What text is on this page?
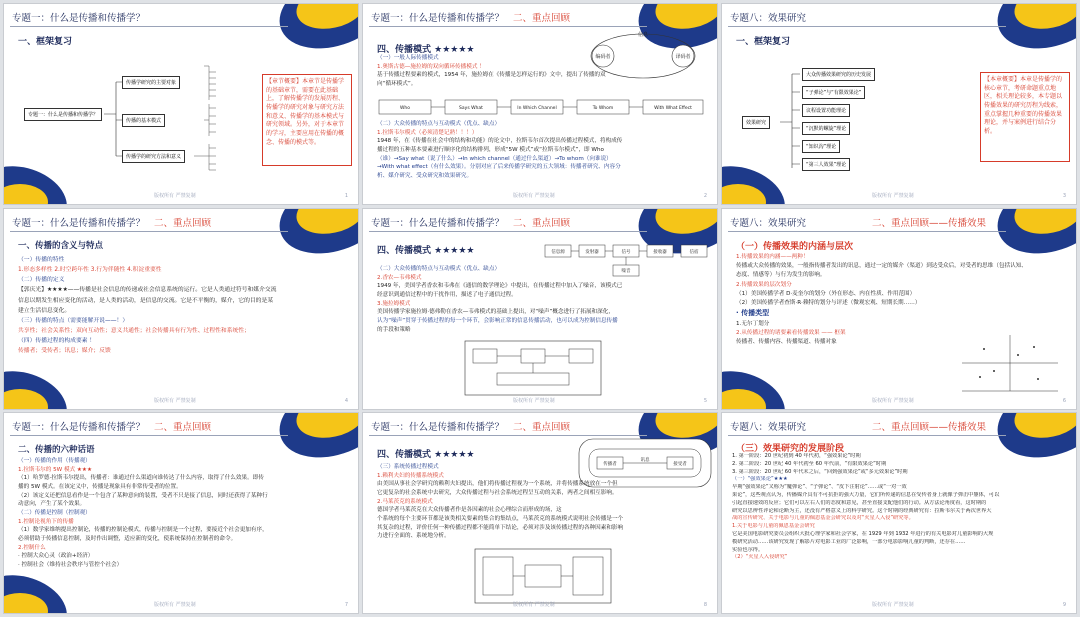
专题一：什么是传播和传播学？
一、框架复习
专题一：什么是传播和传播学？
传播学研究的主要对象
传播的基本模式
传播学的研究方法和意义
【章节概要】本章节是传播学的基础章节，需要在此基础上，了解传播学的发展历程、传播学的研究对象与研究方法和意义、传播学的基本模式与研究领域。另外，对于本章节的学习，主要应用在传播的概念、传播的模式等。
版权所有 严禁复制	1
专题一：什么是传播和传播学？ 二、重点回顾
四、传播模式 ★★★★★
编码者	译码者
信息
（一）一般人际传播模式
1.奥斯古德—施拉姆的双向循环传播模式 ！
基于传播过程要素的模式，1954 年，施拉姆在《传播是怎样运行的》文中，提出了传播的双
向“循环模式”。
Who	Says What	In Which Channel	To Whom	With What Effect
（二）大众传播的特点与互动模式（优点、缺点）
1.拉斯韦尔模式（必须清楚记熟！！！）
1948 年，在《传播在社会中的结构和功能》的论文中，拉斯韦尔首次提出传播过程模式，将构成传
播过程的五种基本要素进行顺序化的结构排列，形成“5W 模式”或“拉斯韦尔模式”，即 Who
（谁）→Say what（说了什么）→In which channel（通过什么渠道）→To whom（向谁说）
→With what effect（有什么效果）。分别对应了后来传播学研究的五大领域：传播者研究、内容分
析、媒介研究、受众研究和效果研究。
版权所有 严禁复制	2
专题八：效果研究
一、框架复习
效果研究
大众传播效果研究的历史发展
“子弹论”与“有限效果论”
议程设置功能理论
“沉默的螺旋”理论
“知识沟”理论
“第三人效果”理论
【本章概要】本章是传播学的核心章节，考研命题重点地区，相关理论较多，本专题以传播效果的研究历程为线索，重点掌握几种重要的传播效果理论，并与案例进行结合分析。
版权所有 严禁复制	3
专题一：什么是传播和传播学？ 二、重点回顾
一、传播的含义与特点
（一）传播的特性
1.形态多样性 2.时空跨年性 3.行为伴随性 4.积淀重要性
（二）传播的定义
【郭庆光】★★★★——传播是社会信息的传递或社会信息系统的运行。它是人类通过符号和媒介交流
信息以期发生相应变化的活动，是人类的活动，是信息的交流。它是不平衡的，媒介，它的目的是某
建立生活信息变化。
（三）传播的特点（需要能解开说——！）
共享性；社会关系性；双向互动性；意义共通性；社会传播具有行为性、过程性和系统性；
（四）传播过程的构成要素 ！
传播者；受传者；讯息；媒介；反馈
版权所有 严禁复制	4
专题一：什么是传播和传播学？ 二、重点回顾
四、传播模式 ★★★★★	信息源	发射器	信号	接收器	信宿
噪音
（二）大众传播的特点与互动模式（优点、缺点）
2.香农—韦弗模式
1949 年，美国学者香农和韦弗在《通信的数学理论》中提出，在传播过程中加入了噪音，该模式已
经意识到通信过程中的干扰作用，描述了电子通信过程。
3.施拉姆模式
美国传播学家施拉姆·德弗勒在香农—韦弗模式的基础上提出，对“噪声”概念进行了拓展和深化，
认为“噪声”贯穿于传播过程的每一个环节，会影响正常的信息传播活动，也可以成为控制信息传播
的手段和策略
版权所有 严禁复制	5
专题八：效果研究	二、重点回顾——传播效果
（一）传播效果的内涵与层次
1.传播效果的内涵——两种！
传播或大众传播的效果，一般指传播者发出的讯息，通过一定的媒介（渠道）到达受众后，对受者的思维（包括认知、
态度、情感等）与行为发生的影响。
2.传播效果的层次划分
（1）美国传播学者 D·麦奎尔的划分（外在形态、内在性质、作用范围）
（2）美国传播学者查斯·R·赖特的划分与评述（微观宏观、短期长期……）
· 传播类型
1.无尔丁划分
2.从传播过程的诸要素看传播效果 —— 框架
传播者、传播内容、传播渠道、传播对象
版权所有 严禁复制	6
专题一：什么是传播和传播学？ 二、重点回顾
二、传播的六种话语
（一）传播的作用（传播观）
1.拉斯韦尔的 5W 模式 ★★★
（1）哈罗德·拉斯韦尔提出，传播者：谁通过什么渠道向谁传达了什么内容，取得了什么效果。即传
播的 5W 模式。在该定义中，传播是现象具有非常传受者的位置。
（2）该定义还把信息看作是一个包含了某种意向的装置，受者不只是接了信息，同时还获得了某种行
动意向，产生了某个效果。
（二）传播是控制（控制观）
1.控制论视角下的传播
（1）数学家维纳提出控制论，传播的控制论模式，传播与控制是一个过程，要接近个社会更加有序，
必须借助于传播信息控制，及时作出调整，适应新的变化，使系统保持在控制者的命令。
2.控制什么
· 控制大众心灵（政治+经济）
· 控制社会（维持社会秩序与管控个社会）
版权所有 严禁复制	7
专题一：什么是传播和传播学？ 二、重点回顾
四、传播模式 ★★★★★
讯息
传播者	接受者
（三）系统传播过程模式
1.赖利夫妇的传播系统模式
由美国从事社会学研究的赖利夫妇提出，他们将传播过程视为一个系统，并将传播系统放在一个但
它更复杂的社会系统中去研究，大众传播过程与社会系统过程呈互动的关系，两者之间相互影响。
2.马莱茨克的系统模式
德国学者马莱茨克在大众传播者作是各因素的社会心理综合而形成的场，这
个系统的每个主要环节都是该类相关要素的集合的集结点，马莱茨克的系统模式说明社会传播是一个
其复杂的过程，评价任何一种传播过程都不能简单下结论，必须对涉及该传播过程的各种因素和影响
力进行全面的、系统地分析。
版权所有 严禁复制	8
专题八：效果研究	二、重点回顾——传播效果
（三）效果研究的发展阶段
1. 第一阶段：20 世纪初到 40 年代初，“强效果论”时期
2. 第二阶段：20 世纪 40 年代初至 60 年代前，“有限效果论”时期
3. 第三阶段：20 世纪 60 年代末之后，“回到强效果论”或“多元效果论”时期
（一）“强效果论”★★★
早期“强效果论”又称为“魔弹论”、“子弹论”、“皮下注射论”……或“一对一效
果论”，这些观点认为，传播媒介具有不可抗拒的强大力量，它们所传递的信息在受传者身上就像子弹击中躯体，可以
引起直接速效的反应；它们可以左右人们的态度和意见，甚至直接支配他们的行动。从方法论角度看，这时期的
研究以思辨性评论和论断为主，还没有严格意义上的科学研究。这个时期的经典研究有：拉斯韦尔关于两次世界大
战的宣传研究、关于电影与儿童的佩恩基金会研究以及对“火星人入侵”研究等。
1.关于电影与儿童的佩恩基金会研究
它是美国电影研究委员会组织大批心理学家和社会学家，在 1929 年到 1932 年进行的有关电影对儿童影响的大规
模研究活动……该研究发现了解影片对电影工业的广泛影响，一部分电影影响儿童的判断，还存在……
实验也尔得。
（2）“火星人入侵研究”
版权所有 严禁复制	9
